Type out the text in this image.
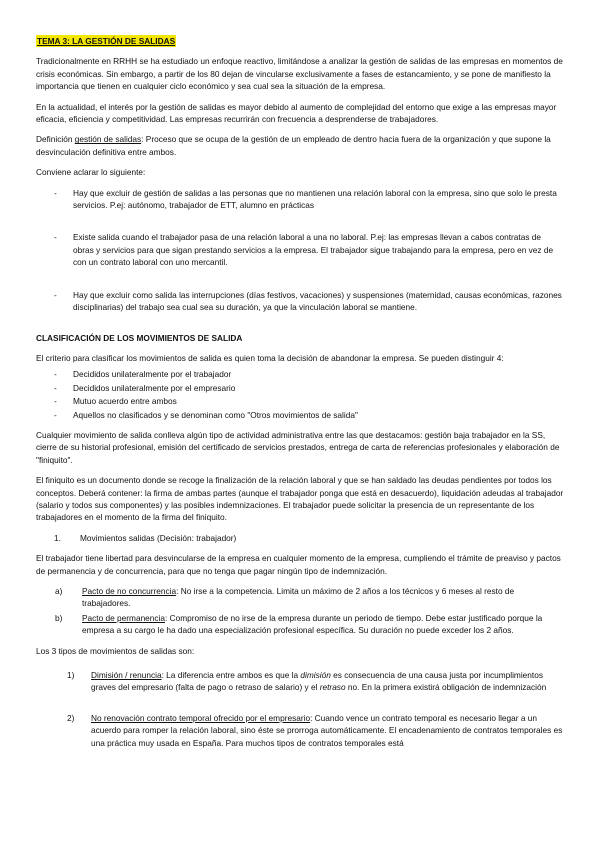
TEMA 3: LA GESTIÓN DE SALIDAS

Tradicionalmente en RRHH se ha estudiado un enfoque reactivo, limitándose a analizar la gestión de salidas de las empresas en momentos de crisis económicas. Sin embargo, a partir de los 80 dejan de vincularse exclusivamente a fases de estancamiento, y se pone de manifiesto la importancia que tienen en cualquier ciclo económico y sea cual sea la situación de la empresa.

En la actualidad, el interés por la gestión de salidas es mayor debido al aumento de complejidad del entorno que exige a las empresas mayor eficacia, eficiencia y competitividad. Las empresas recurrirán con frecuencia a desprenderse de trabajadores.

Definición gestión de salidas: Proceso que se ocupa de la gestión de un empleado de dentro hacia fuera de la organización y que supone la desvinculación definitiva entre ambos.

Conviene aclarar lo siguiente:

- Hay que excluir de gestión de salidas a las personas que no mantienen una relación laboral con la empresa, sino que solo le presta servicios. P.ej: autónomo, trabajador de ETT, alumno en prácticas
- Existe salida cuando el trabajador pasa de una relación laboral a una no laboral. P.ej: las empresas llevan a cabos contratas de obras y servicios para que sigan prestando servicios a la empresa. El trabajador sigue trabajando para la empresa, pero en vez de con un contrato laboral con uno mercantil.
- Hay que excluir como salida las interrupciones (días festivos, vacaciones) y suspensiones (maternidad, causas económicas, razones disciplinarias) del trabajo sea cual sea su duración, ya que la vinculación laboral se mantiene.
CLASIFICACIÓN DE LOS MOVIMIENTOS DE SALIDA

El criterio para clasificar los movimientos de salida es quien toma la decisión de abandonar la empresa. Se pueden distinguir 4:

- Decididos unilateralmente por el trabajador
- Decididos unilateralmente por el empresario
- Mutuo acuerdo entre ambos
- Aquellos no clasificados y se denominan como "Otros movimientos de salida"

Cualquier movimiento de salida conlleva algún tipo de actividad administrativa entre las que destacamos: gestión baja trabajador en la SS, cierre de su historial profesional, emisión del certificado de servicios prestados, entrega de carta de referencias profesionales y elaboración de "finiquito".

El finiquito es un documento donde se recoge la finalización de la relación laboral y que se han saldado las deudas pendientes por todos los conceptos. Deberá contener: la firma de ambas partes (aunque el trabajador ponga que está en desacuerdo), liquidación adeudas al trabajador (salario y todos sus componentes) y las posibles indemnizaciones. El trabajador puede solicitar la presencia de un representante de los trabajadores en el momento de la firma del finiquito.

1. Movimientos salidas (Decisión: trabajador)

El trabajador tiene libertad para desvincularse de la empresa en cualquier momento de la empresa, cumpliendo el trámite de preaviso y pactos de permanencia y de concurrencia, para que no tenga que pagar ningún tipo de indemnización.

a) Pacto de no concurrencia: No irse a la competencia. Limita un máximo de 2 años a los técnicos y 6 meses al resto de trabajadores.
b) Pacto de permanencia: Compromiso de no irse de la empresa durante un periodo de tiempo. Debe estar justificado porque la empresa a su cargo le ha dado una especialización profesional específica. Su duración no puede exceder los 2 años.

Los 3 tipos de movimientos de salidas son:

1) Dimisión / renuncia: La diferencia entre ambos es que la dimisión es consecuencia de una causa justa por incumplimientos graves del empresario (falta de pago o retraso de salario) y el retraso no. En la primera existirá obligación de indemnización
2) No renovación contrato temporal ofrecido por el empresario: Cuando vence un contrato temporal es necesario llegar a un acuerdo para romper la relación laboral, sino éste se prorroga automáticamente. El encadenamiento de contratos temporales es una práctica muy usada en España. Para muchos tipos de contratos temporales está
